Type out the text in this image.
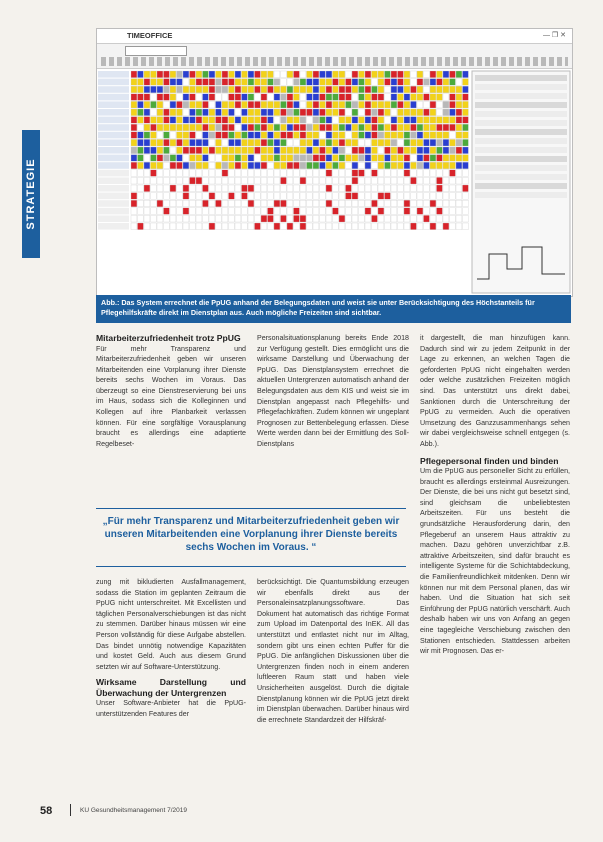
STRATEGIE
TIMEOFFICE	— ❐ ✕
Abb.: Das System errechnet die PpUG anhand der Belegungsdaten und weist sie unter Berücksichtigung des Höchstanteils für Pflegehilfskräfte direkt im Dienstplan aus. Auch mögliche Freizeiten sind sichtbar.

Mitarbeiterzufriedenheit trotz PpUG

Für mehr Transparenz und Mitarbeiterzufriedenheit geben wir unseren Mitarbeitenden eine Vorplanung ihrer Dienste bereits sechs Wochen im Voraus. Das überzeugt so eine Dienstreservierung bei uns im Haus, sodass sich die Kolleginnen und Kollegen auf ihre Planbarkeit verlassen können. Für eine sorgfältige Vorausplanung braucht es allerdings eine adaptierte Regelbeset-

Personalsituationsplanung bereits Ende 2018 zur Verfügung gestellt. Dies ermöglicht uns die wirksame Darstellung und Überwachung der PpUG. Das Dienstplansystem errechnet die aktuellen Untergrenzen automatisch anhand der Belegungsdaten aus dem KIS und weist sie im Dienstplan angepasst nach Pflegehilfs- und Pflegefachkräften. Zudem können wir ungeplant Prognosen zur Bettenbelegung erfassen. Diese Werte werden dann bei der Ermittlung des Soll-Dienstplans

it dargestellt, die man hinzufügen kann. Dadurch sind wir zu jedem Zeitpunkt in der Lage zu erkennen, an welchen Tagen die geforderten PpUG nicht eingehalten werden oder welche zusätzlichen Freizeiten möglich sind. Das unterstützt uns direkt dabei, Sanktionen durch die Unterschreitung der PpUG zu vermeiden. Auch die operativen Umsetzung des Ganzzusammenhangs sehen wir dabei vergleichsweise schnell entgegen (s. Abb.).

Pflegepersonal finden und binden

Um die PpUG aus personeller Sicht zu erfüllen, braucht es allerdings ersteinmal Ausreizungen. Der Dienste, die bei uns nicht gut besetzt sind, sind gleichsam die unbeliebtesten Arbeitszeiten. Für uns besteht die grundsätzliche Herausforderung darin, den Pflegeberuf an unserem Haus attraktiv zu machen. Dazu gehören unverzichtbar z.B. attraktive Arbeitszeiten, sind dafür braucht es intelligente Systeme für die Schichtabdeckung, die Familienfreundlichkeit mitdenken. Denn wir können nur mit dem Personal planen, das wir haben. Und die Situation hat sich seit Einführung der PpUG natürlich verschärft. Auch deshalb haben wir uns von Anfang an gegen eine tagegleiche Verschiebung zwischen den Stationen entschieden. Stattdessen arbeiten wir mit Prognosen. Das er-

„Für mehr Transparenz und Mitarbeiterzufriedenheit geben wir unseren Mitarbeitenden eine Vorplanung ihrer Dienste bereits sechs Wochen im Voraus. “

zung mit bikludierten Ausfallmanagement, sodass die Station im geplanten Zeitraum die PpUG nicht unterschreitet. Mit Excellisten und täglichen Personalverschiebungen ist das nicht zu stemmen. Darüber hinaus müssen wir eine Person vollständig für diese Aufgabe abstellen. Das bindet unnötig notwendige Kapazitäten und kostet Geld. Auch aus diesem Grund setzten wir auf Software-Unterstützung.

Wirksame Darstellung und Überwachung der Untergrenzen

Unser Software-Anbieter hat die PpUG-unterstützenden Features der

berücksichtigt. Die Quantumsbildung erzeugen wir ebenfalls direkt aus der Personaleinsatzplanungssoftware. Das Dokument hat automatisch das richtige Format zum Upload im Datenportal des InEK. All das unterstützt und entlastet nicht nur im Alltag, sondern gibt uns einen echten Puffer für die PpUG. Die anfänglichen Diskussionen über die Untergrenzen finden noch in einem anderen luftleeren Raum statt und haben viele Unsicherheiten ausgelöst. Durch die digitale Dienstplanung können wir die PpUG jetzt direkt im Dienstplan überwachen. Darüber hinaus wird die errechnete Standardzeit der Hilfskräf-

58	KU Gesundheitsmanagement 7/2019
